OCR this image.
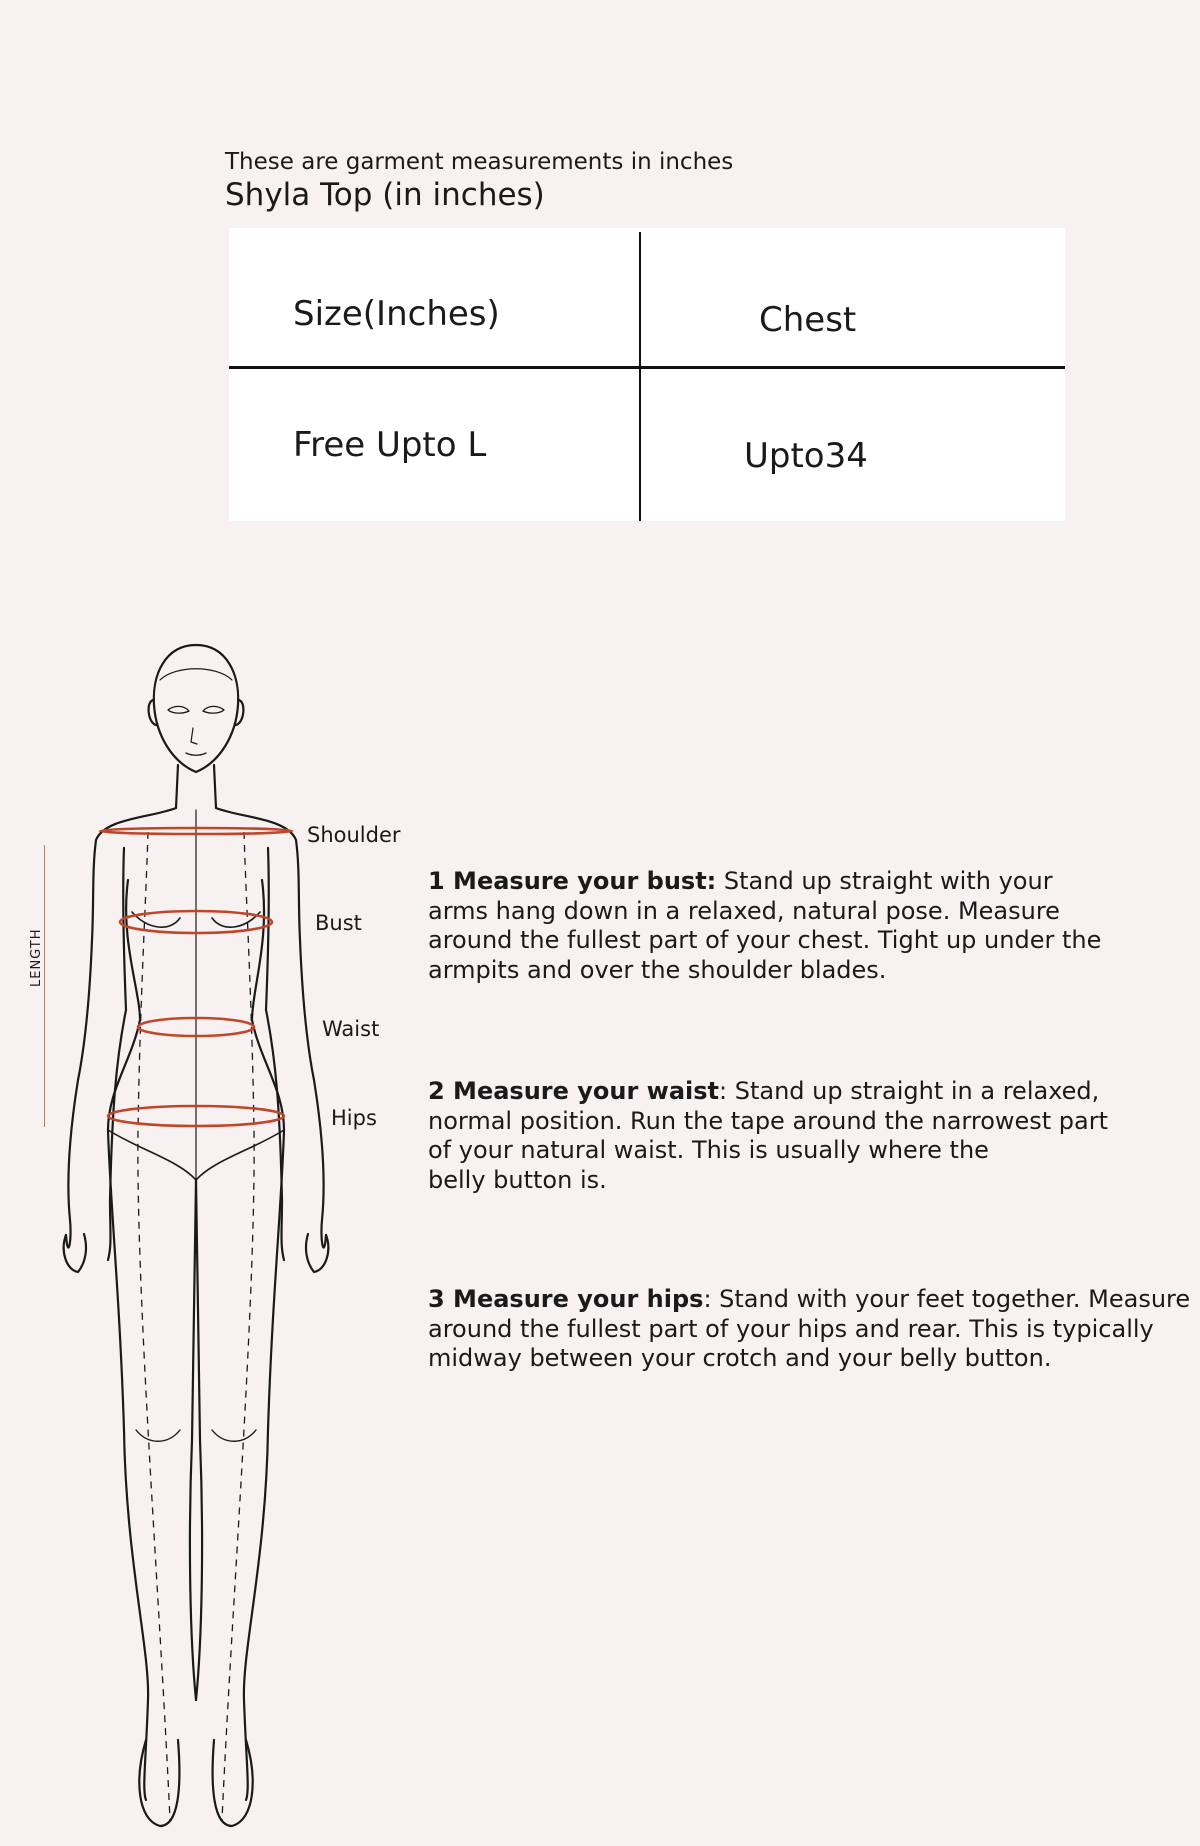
These are garment measurements in inches

Shyla Top (in inches)

Size(Inches)	Chest
Free Upto L	Upto34
LENGTH
Shoulder
Bust
Waist
Hips
1 Measure your bust: Stand up straight with your
arms hang down in a relaxed, natural pose. Measure
around the fullest part of your chest. Tight up under the
armpits and over the shoulder blades.
2 Measure your waist: Stand up straight in a relaxed,
normal position. Run the tape around the narrowest part
of your natural waist. This is usually where the
belly button is.
3 Measure your hips: Stand with your feet together. Measure
around the fullest part of your hips and rear. This is typically
midway between your crotch and your belly button.
